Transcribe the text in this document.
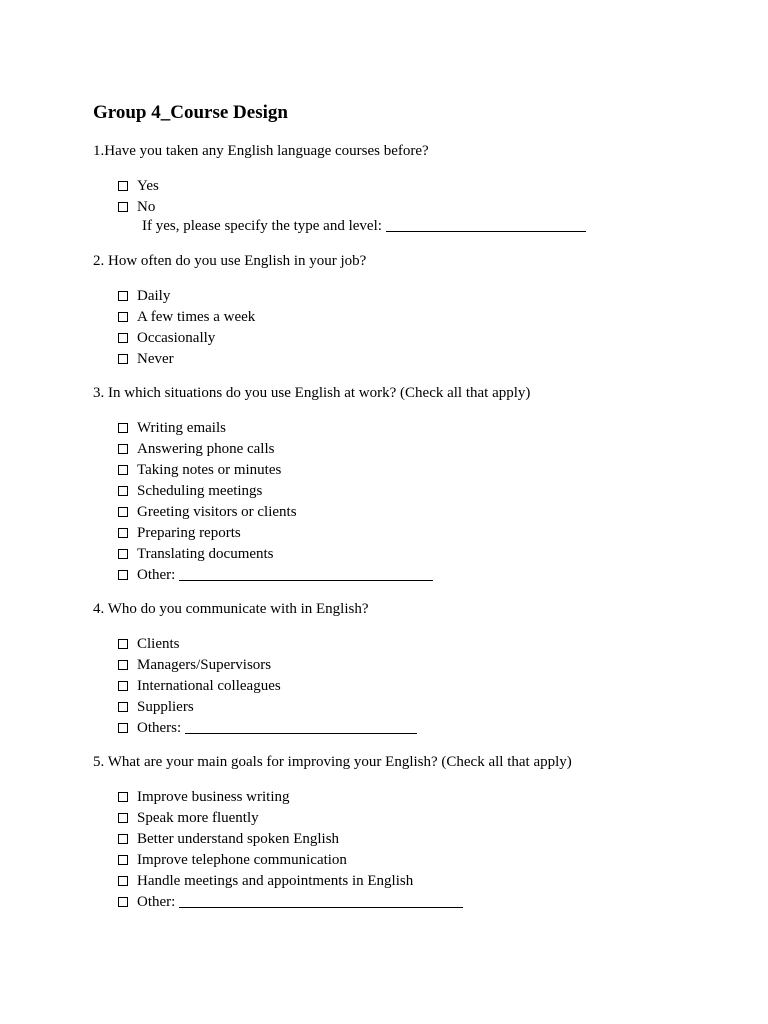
Group 4_Course Design
1.Have you taken any English language courses before?
Yes
No
If yes, please specify the type and level:
2. How often do you use English in your job?
Daily
A few times a week
Occasionally
Never
3. In which situations do you use English at work? (Check all that apply)
Writing emails
Answering phone calls
Taking notes or minutes
Scheduling meetings
Greeting visitors or clients
Preparing reports
Translating documents
Other:
4. Who do you communicate with in English?
Clients
Managers/Supervisors
International colleagues
Suppliers
Others:
5. What are your main goals for improving your English? (Check all that apply)
Improve business writing
Speak more fluently
Better understand spoken English
Improve telephone communication
Handle meetings and appointments in English
Other:
